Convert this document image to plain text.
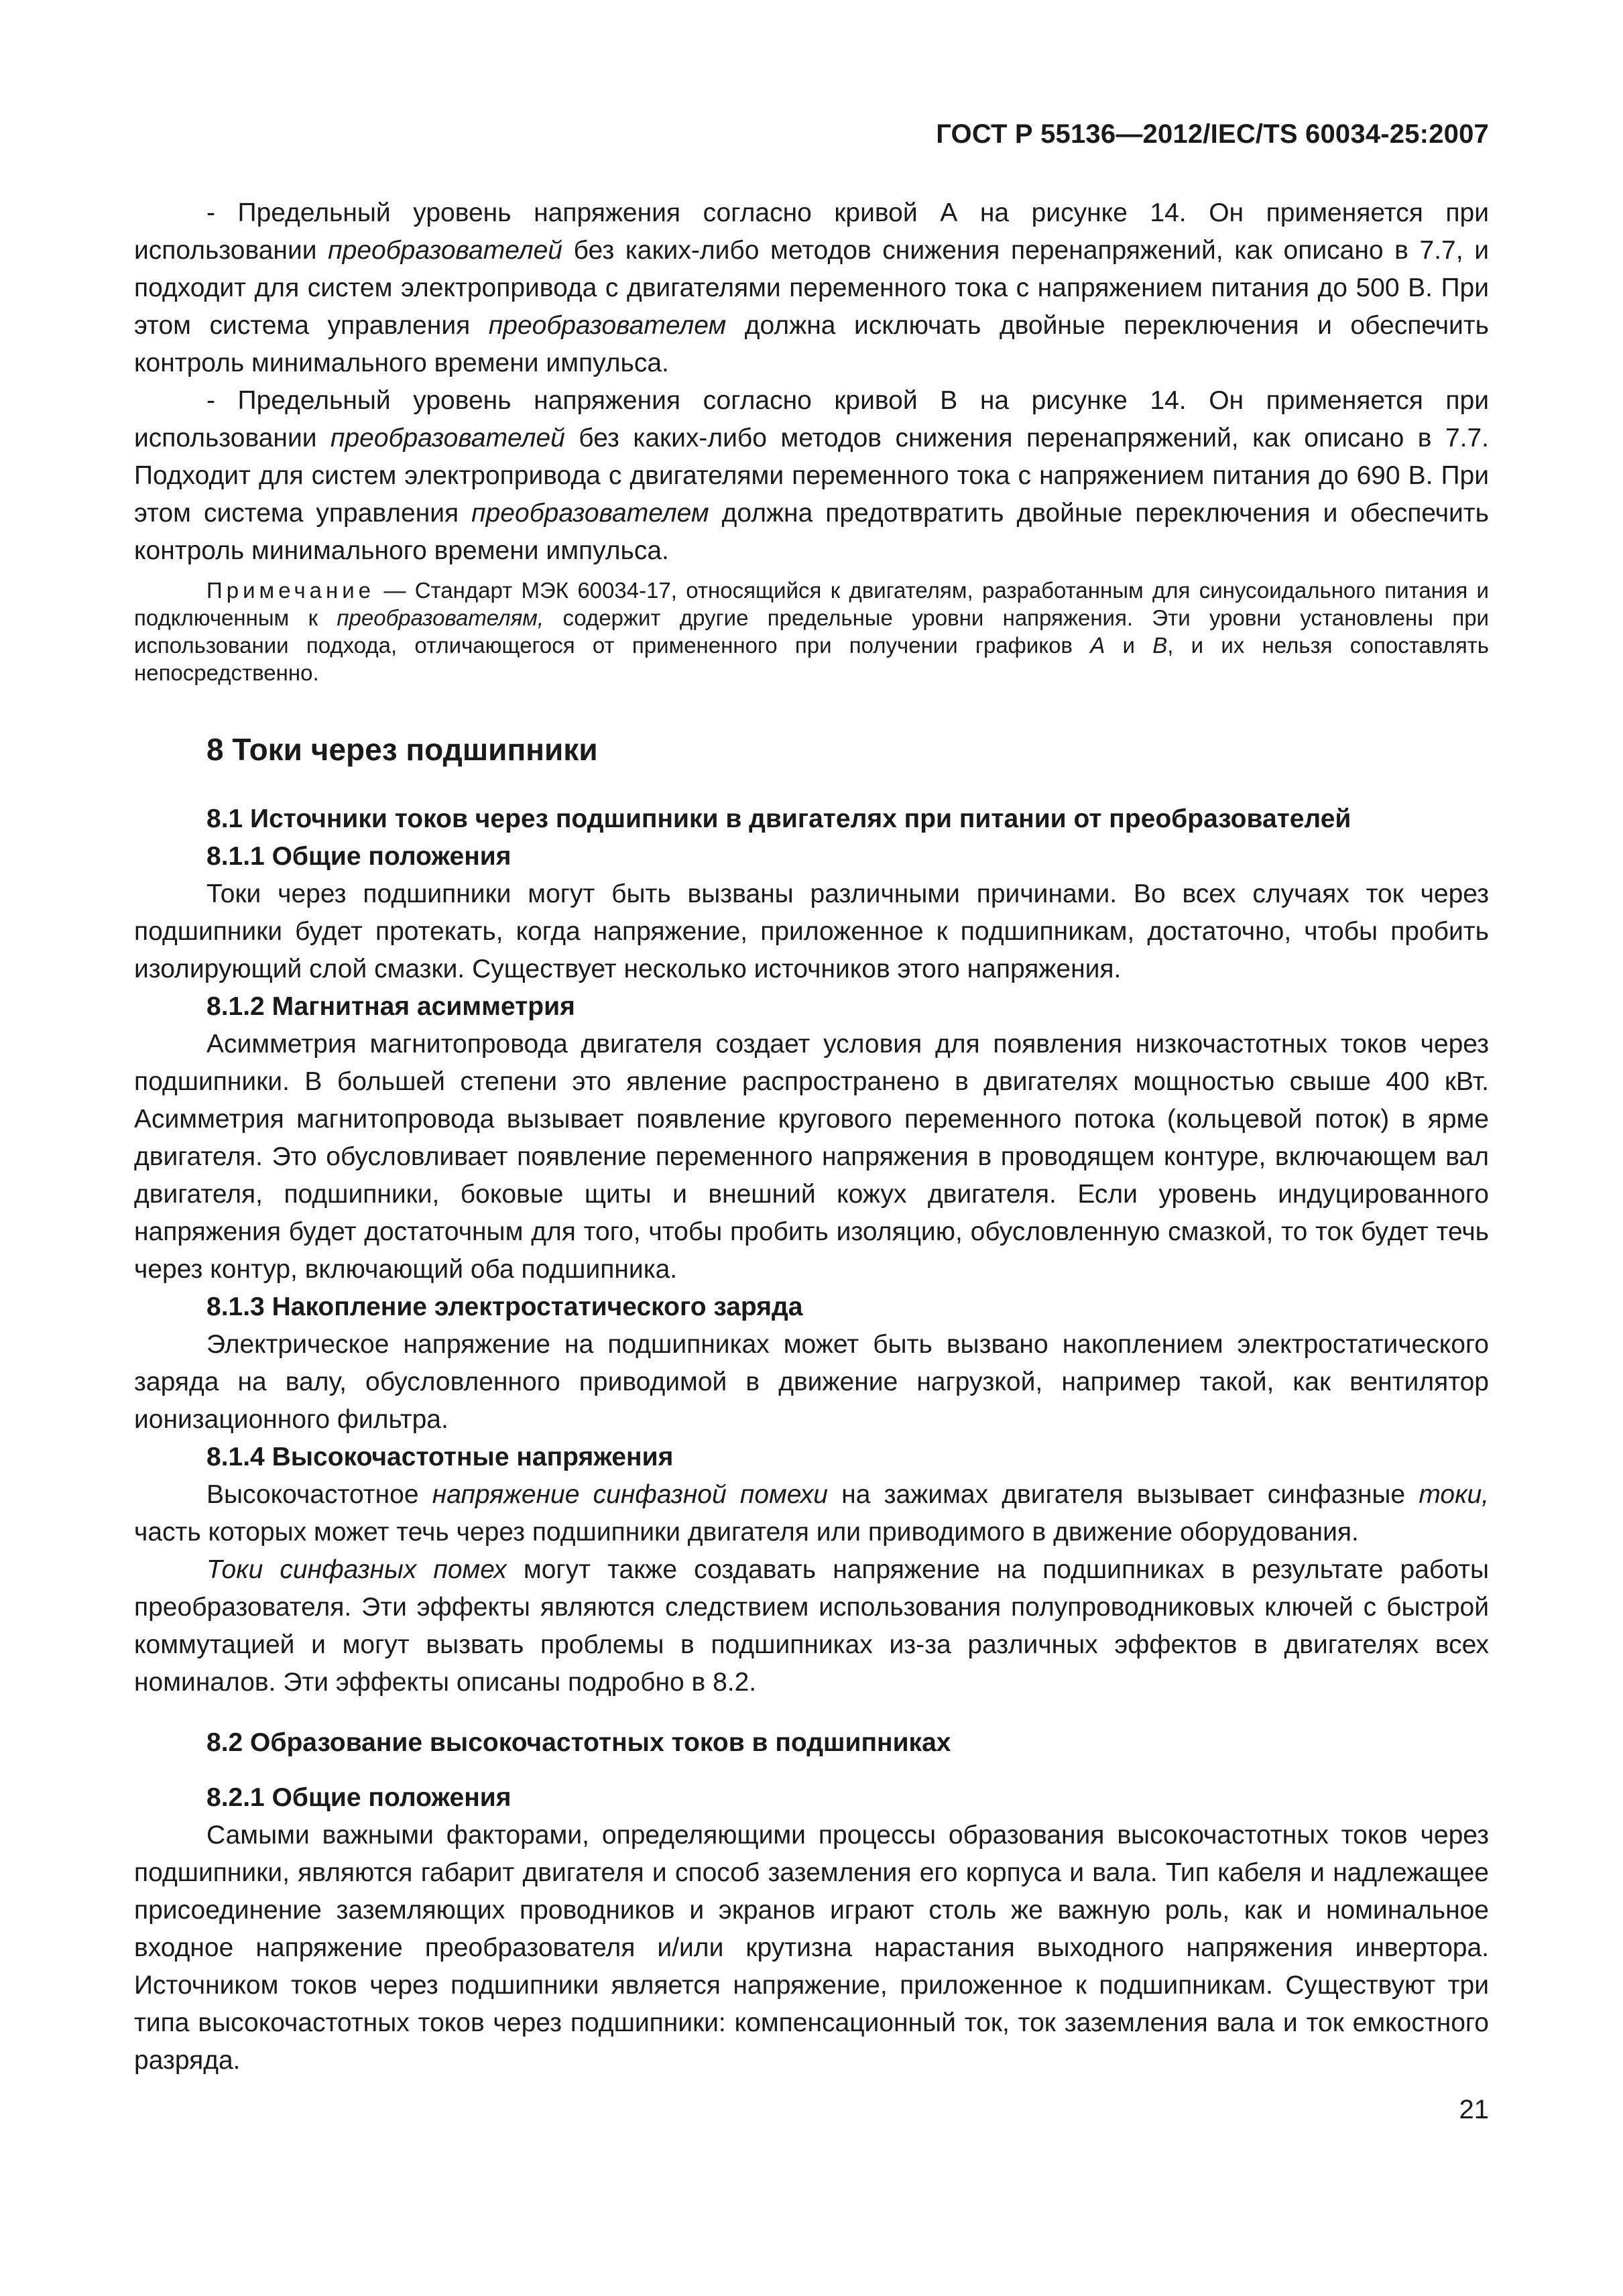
ГОСТ Р 55136—2012/IEC/TS 60034-25:2007

- Предельный уровень напряжения согласно кривой А на рисунке 14. Он применяется при использовании преобразователей без каких-либо методов снижения перенапряжений, как описано в 7.7, и подходит для систем электропривода с двигателями переменного тока с напряжением питания до 500 В. При этом система управления преобразователем должна исключать двойные переключения и обеспечить контроль минимального времени импульса.

- Предельный уровень напряжения согласно кривой В на рисунке 14. Он применяется при использовании преобразователей без каких-либо методов снижения перенапряжений, как описано в 7.7. Подходит для систем электропривода с двигателями переменного тока с напряжением питания до 690 В. При этом система управления преобразователем должна предотвратить двойные переключения и обеспечить контроль минимального времени импульса.

Примечание — Стандарт МЭК 60034-17, относящийся к двигателям, разработанным для синусоидального питания и подключенным к преобразователям, содержит другие предельные уровни напряжения. Эти уровни установлены при использовании подхода, отличающегося от примененного при получении графиков А и В, и их нельзя сопоставлять непосредственно.

8 Токи через подшипники
8.1 Источники токов через подшипники в двигателях при питании от преобразователей
8.1.1 Общие положения

Токи через подшипники могут быть вызваны различными причинами. Во всех случаях ток через подшипники будет протекать, когда напряжение, приложенное к подшипникам, достаточно, чтобы пробить изолирующий слой смазки. Существует несколько источников этого напряжения.

8.1.2 Магнитная асимметрия

Асимметрия магнитопровода двигателя создает условия для появления низкочастотных токов через подшипники. В большей степени это явление распространено в двигателях мощностью свыше 400 кВт. Асимметрия магнитопровода вызывает появление кругового переменного потока (кольцевой поток) в ярме двигателя. Это обусловливает появление переменного напряжения в проводящем контуре, включающем вал двигателя, подшипники, боковые щиты и внешний кожух двигателя. Если уровень индуцированного напряжения будет достаточным для того, чтобы пробить изоляцию, обусловленную смазкой, то ток будет течь через контур, включающий оба подшипника.

8.1.3 Накопление электростатического заряда

Электрическое напряжение на подшипниках может быть вызвано накоплением электростатического заряда на валу, обусловленного приводимой в движение нагрузкой, например такой, как вентилятор ионизационного фильтра.

8.1.4 Высокочастотные напряжения

Высокочастотное напряжение синфазной помехи на зажимах двигателя вызывает синфазные токи, часть которых может течь через подшипники двигателя или приводимого в движение оборудования.

Токи синфазных помех могут также создавать напряжение на подшипниках в результате работы преобразователя. Эти эффекты являются следствием использования полупроводниковых ключей с быстрой коммутацией и могут вызвать проблемы в подшипниках из-за различных эффектов в двигателях всех номиналов. Эти эффекты описаны подробно в 8.2.

8.2 Образование высокочастотных токов в подшипниках
8.2.1 Общие положения

Самыми важными факторами, определяющими процессы образования высокочастотных токов через подшипники, являются габарит двигателя и способ заземления его корпуса и вала. Тип кабеля и надлежащее присоединение заземляющих проводников и экранов играют столь же важную роль, как и номинальное входное напряжение преобразователя и/или крутизна нарастания выходного напряжения инвертора. Источником токов через подшипники является напряжение, приложенное к подшипникам. Существуют три типа высокочастотных токов через подшипники: компенсационный ток, ток заземления вала и ток емкостного разряда.

21
